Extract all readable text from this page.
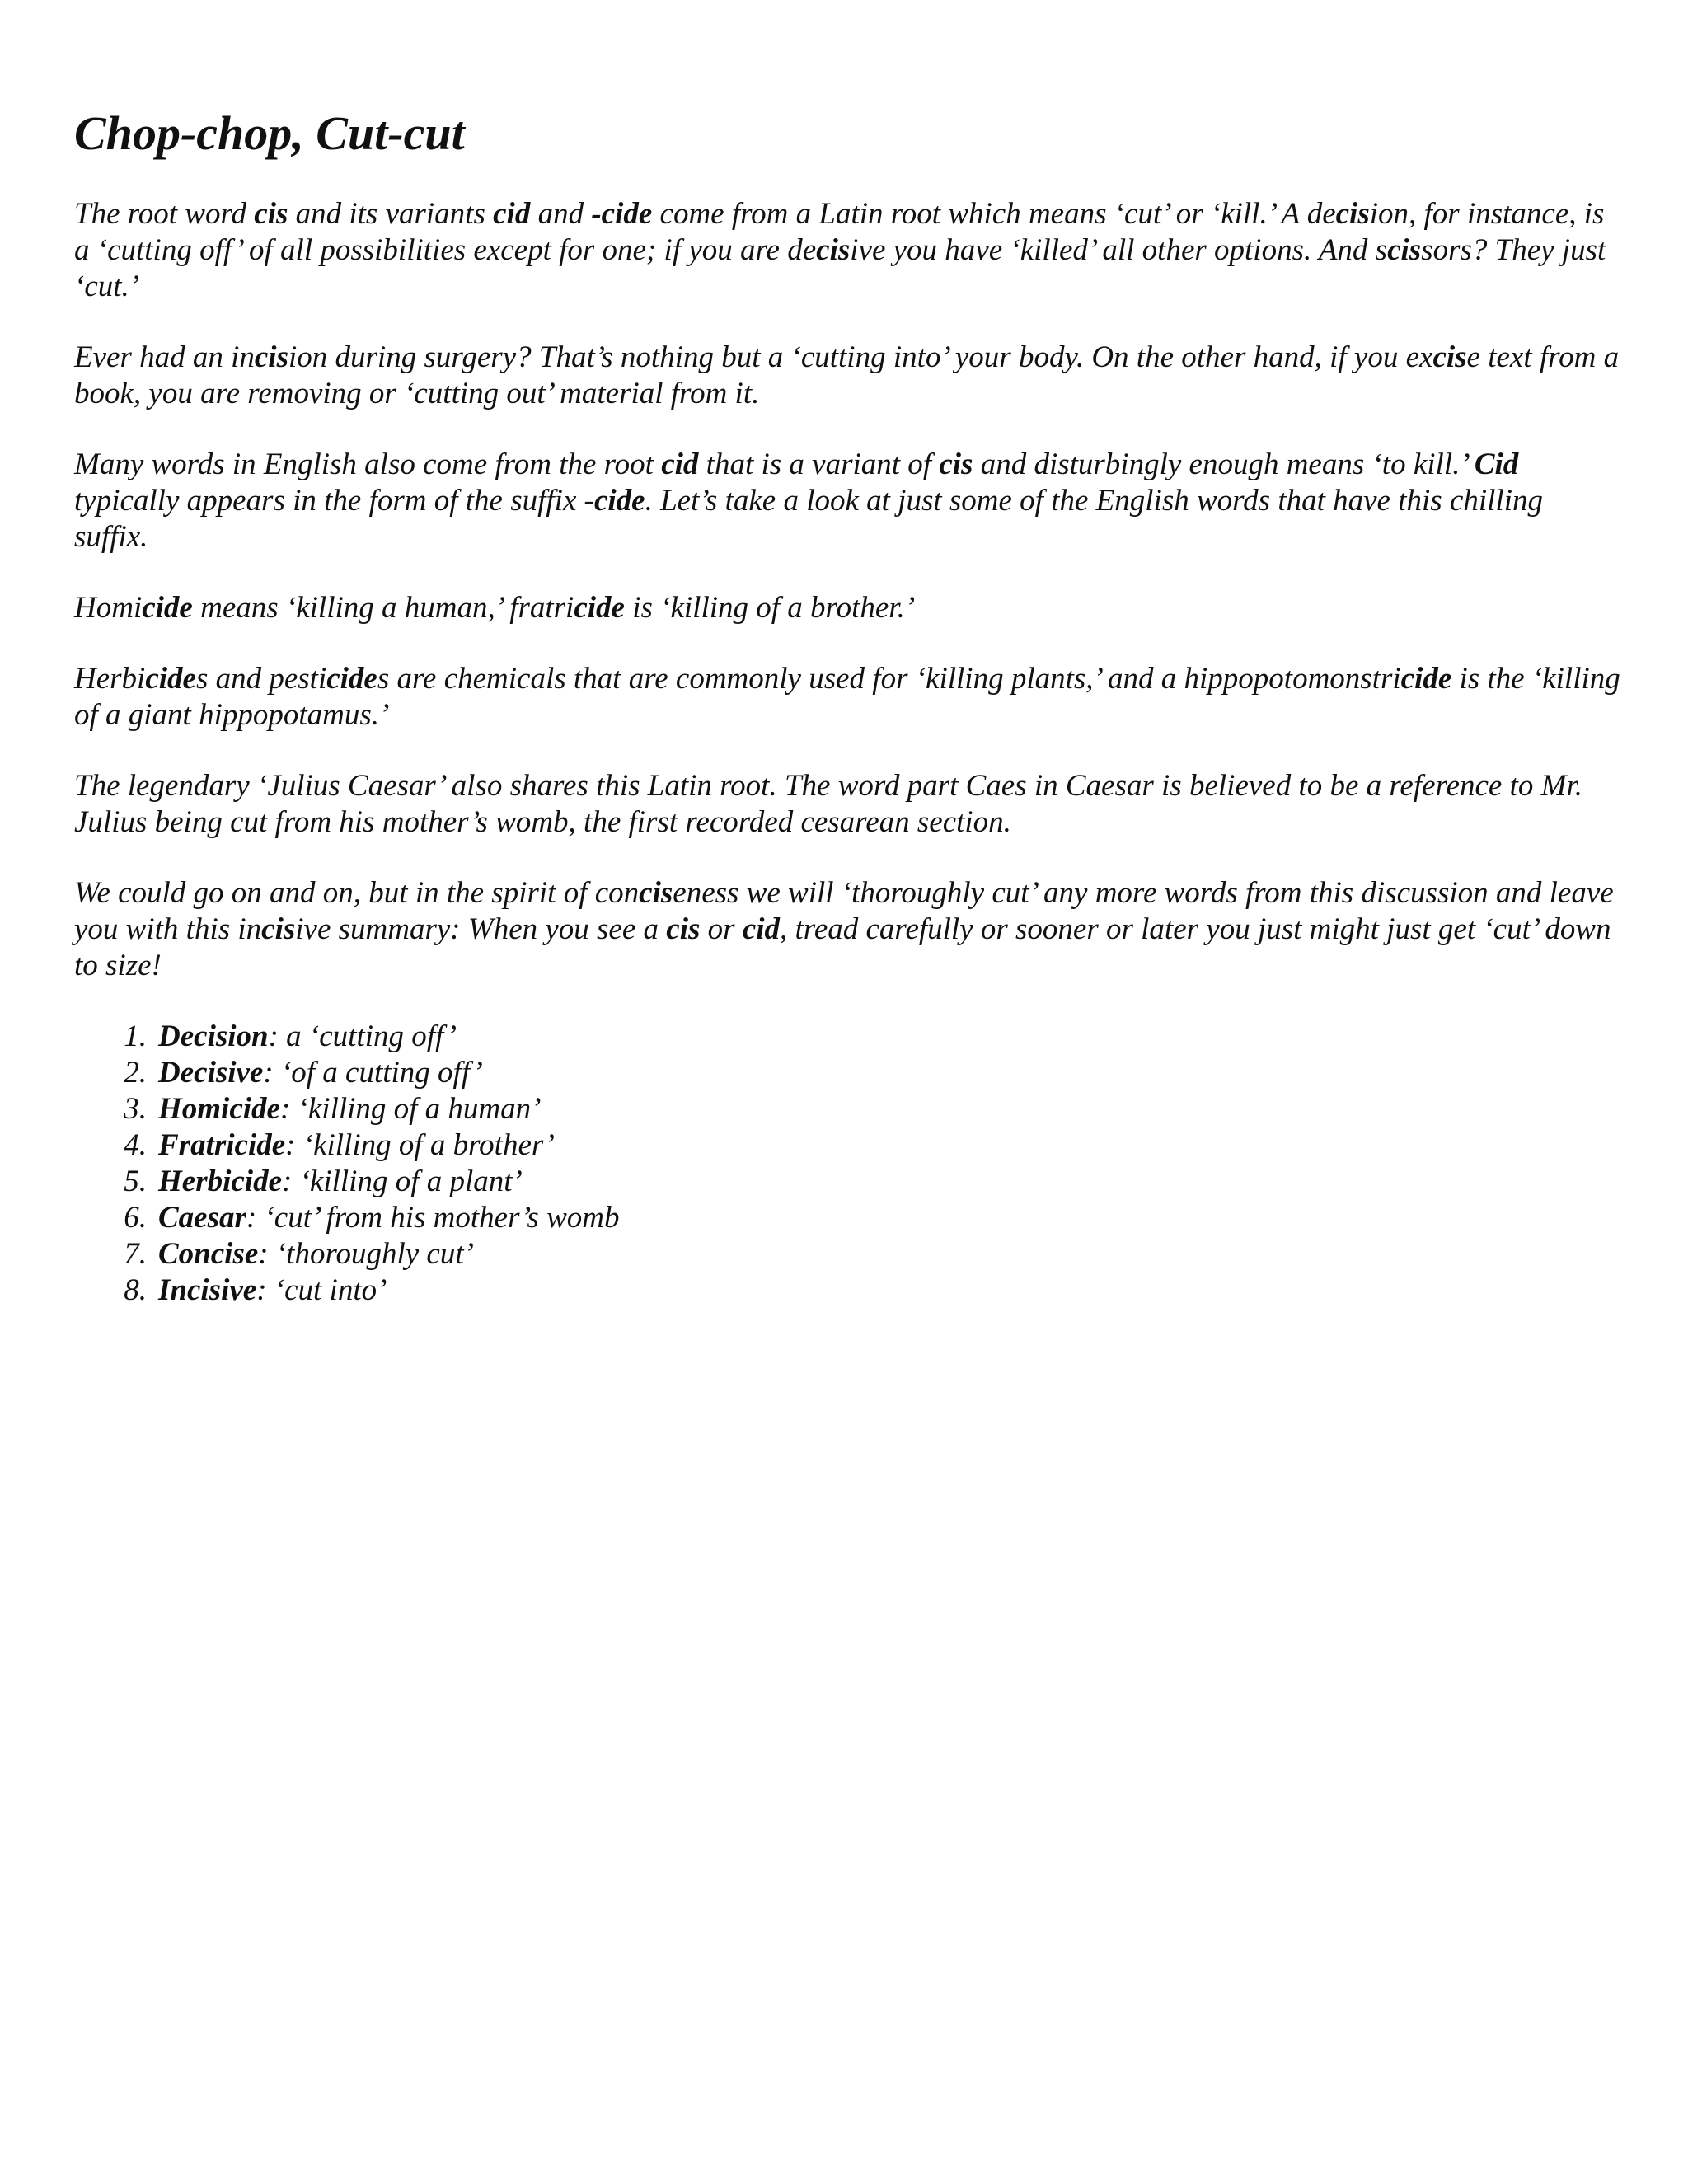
Chop-chop, Cut-cut

The root word cis and its variants cid and -cide come from a Latin root which means ‘cut’ or ‘kill.’ A decision, for instance, is a ‘cutting off’ of all possibilities except for one; if you are decisive you have ‘killed’ all other options. And scissors? They just ‘cut.’

Ever had an incision during surgery? That’s nothing but a ‘cutting into’ your body. On the other hand, if you excise text from a book, you are removing or ‘cutting out’ material from it.

Many words in English also come from the root cid that is a variant of cis and disturbingly enough means ‘to kill.’ Cid typically appears in the form of the suffix -cide. Let’s take a look at just some of the English words that have this chilling suffix.

Homicide means ‘killing a human,’ fratricide is ‘killing of a brother.’

Herbicides and pesticides are chemicals that are commonly used for ‘killing plants,’ and a hippopotomonstricide is the ‘killing of a giant hippopotamus.’

The legendary ‘Julius Caesar’ also shares this Latin root. The word part Caes in Caesar is believed to be a reference to Mr. Julius being cut from his mother’s womb, the first recorded cesarean section.

We could go on and on, but in the spirit of conciseness we will ‘thoroughly cut’ any more words from this discussion and leave you with this incisive summary: When you see a cis or cid, tread carefully or sooner or later you just might just get ‘cut’ down to size!

1. Decision: a ‘cutting off’
2. Decisive: ‘of a cutting off’
3. Homicide: ‘killing of a human’
4. Fratricide: ‘killing of a brother’
5. Herbicide: ‘killing of a plant’
6. Caesar: ‘cut’ from his mother’s womb
7. Concise: ‘thoroughly cut’
8. Incisive: ‘cut into’
